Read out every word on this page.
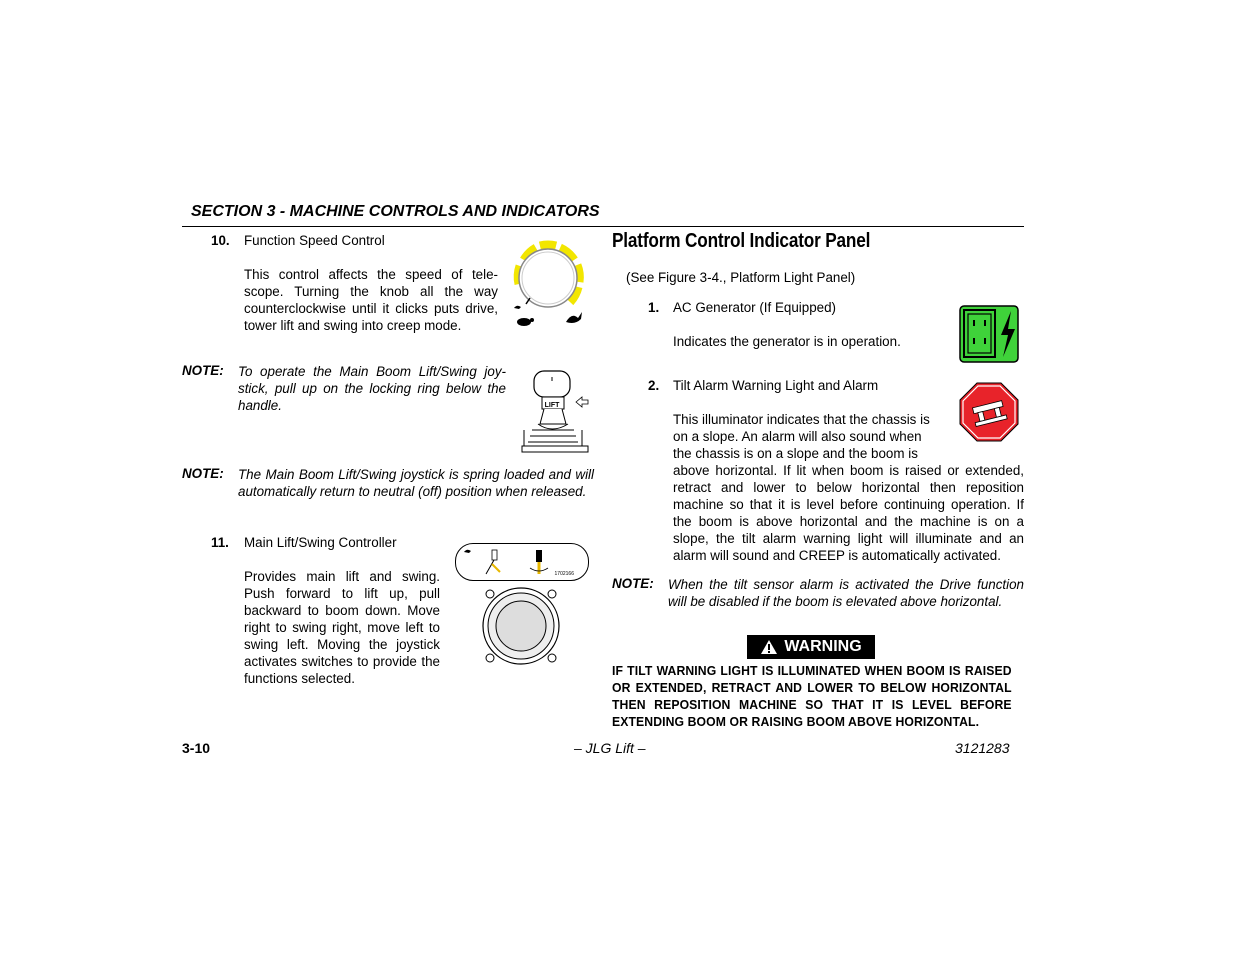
SECTION 3 - MACHINE CONTROLS AND INDICATORS
10. Function Speed Control
This control affects the speed of tele-scope. Turning the knob all the way counterclockwise until it clicks puts drive, tower lift and swing into creep mode.
NOTE: To operate the Main Boom Lift/Swing joy-stick, pull up on the locking ring below the handle.	LIFT
NOTE: The Main Boom Lift/Swing joystick is spring loaded and will automatically return to neutral (off) position when released.
11. Main Lift/Swing Controller
Provides main lift and swing. Push forward to lift up, pull backward to boom down. Move right to swing right, move left to swing left. Moving the joystick activates switches to provide the functions selected.
1702166
Platform Control Indicator Panel
(See Figure 3-4., Platform Light Panel)
1. AC Generator (If Equipped)
Indicates the generator is in operation.
2. Tilt Alarm Warning Light and Alarm
This illuminator indicates that the chassis is
on a slope. An alarm will also sound when
the chassis is on a slope and the boom is
above horizontal. If lit when boom is raised or extended, retract and lower to below horizontal then reposition machine so that it is level before continuing operation. If the boom is above horizontal and the machine is on a slope, the tilt alarm warning light will illuminate and an alarm will sound and CREEP is automatically activated.
NOTE: When the tilt sensor alarm is activated the Drive function will be disabled if the boom is elevated above horizontal.
WARNING
IF TILT WARNING LIGHT IS ILLUMINATED WHEN BOOM IS RAISED OR EXTENDED, RETRACT AND LOWER TO BELOW HORIZONTAL THEN REPOSITION MACHINE SO THAT IT IS LEVEL BEFORE EXTENDING BOOM OR RAISING BOOM ABOVE HORIZONTAL.
3-10	– JLG Lift –	3121283
